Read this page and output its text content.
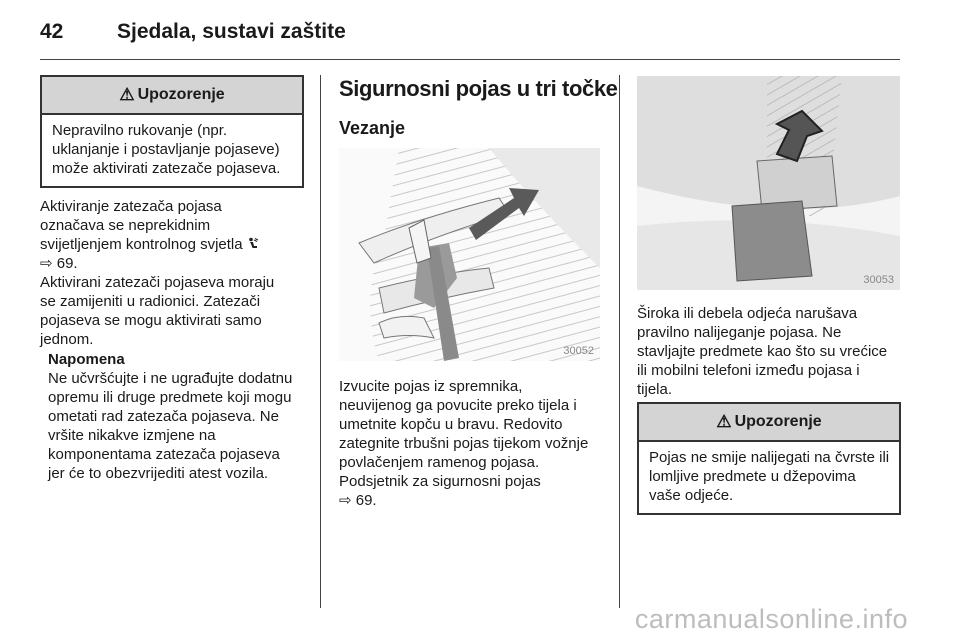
42	Sjedala, sustavi zaštite
⚠ Upozorenje
Nepravilno rukovanje (npr. uklanjanje i postavljanje pojaseve) može aktivirati zatezače pojaseva.

Aktiviranje zatezača pojasa

označava se neprekidnim

svijetljenjem kontrolnog svjetla

⇨ 69.

Aktivirani zatezači pojaseva moraju

se zamijeniti u radionici. Zatezači

pojaseva se mogu aktivirati samo

jednom.

Napomena

Ne učvršćujte i ne ugrađujte dodatnu

opremu ili druge predmete koji mogu

ometati rad zatezača pojaseva. Ne

vršite nikakve izmjene na

komponentama zatezača pojaseva

jer će to obezvrijediti atest vozila.

Sigurnosni pojas u tri točke
Vezanje
30052

Izvucite pojas iz spremnika,

neuvijenog ga povucite preko tijela i

umetnite kopču u bravu. Redovito

zategnite trbušni pojas tijekom vožnje

povlačenjem ramenog pojasa.

Podsjetnik za sigurnosni pojas

⇨ 69.

30053

Široka ili debela odjeća narušava

pravilno nalijeganje pojasa. Ne

stavljajte predmete kao što su vrećice

ili mobilni telefoni između pojasa i

tijela.

⚠ Upozorenje
Pojas ne smije nalijegati na čvrste ili lomljive predmete u džepovima vaše odjeće.
carmanualsonline.info
